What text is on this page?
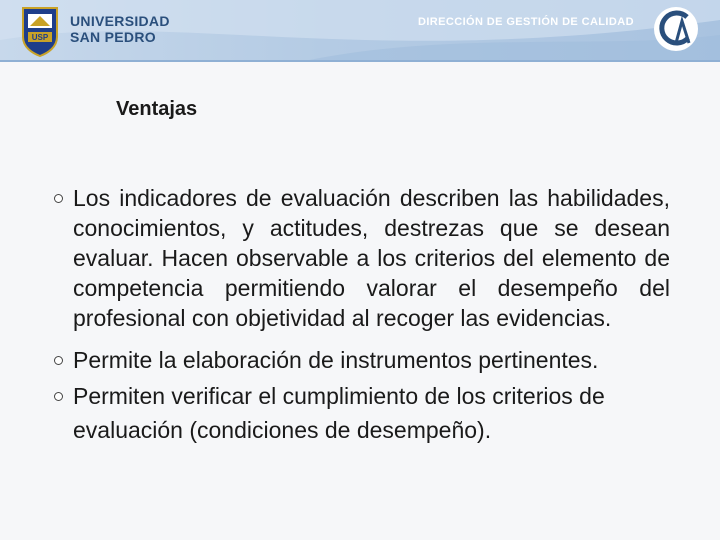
USP
UNIVERSIDAD
SAN PEDRO
DIRECCIÓN DE GESTIÓN DE CALIDAD
GA
Ventajas
Los indicadores de evaluación describen las habilidades, conocimientos, y actitudes, destrezas que se desean evaluar. Hacen observable a los criterios del elemento de competencia permitiendo valorar el desempeño del profesional con objetividad al recoger las evidencias.
Permite la elaboración de instrumentos pertinentes.
Permiten verificar el cumplimiento de los criterios de evaluación (condiciones de desempeño).
